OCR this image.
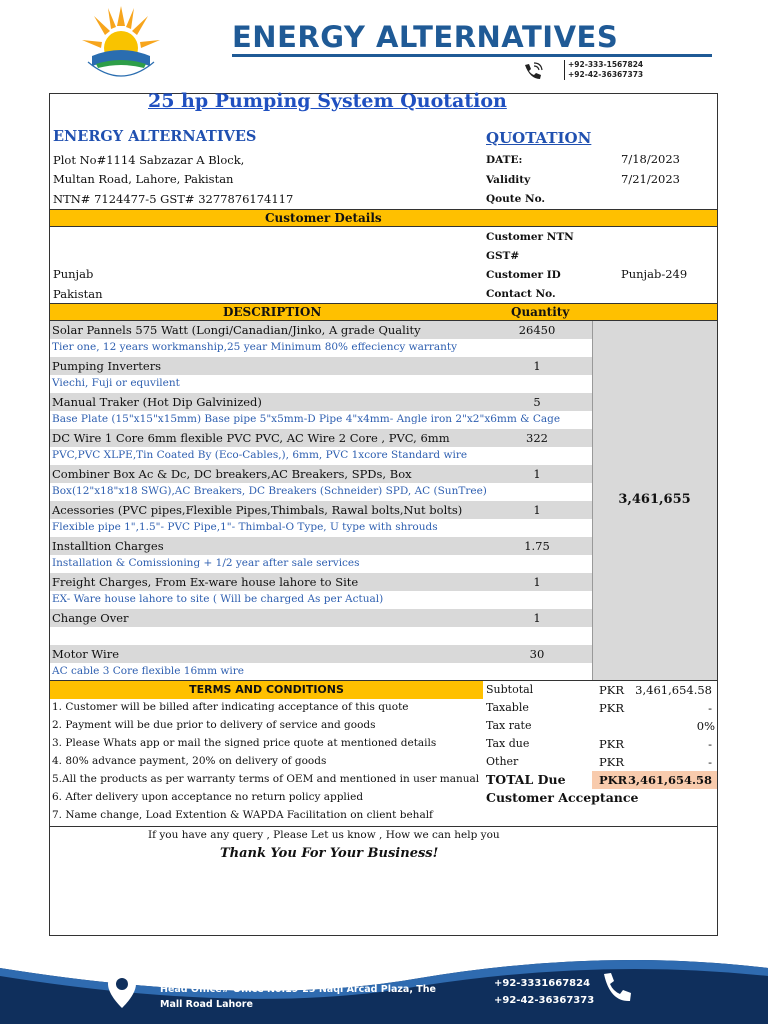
ENERGY ALTERNATIVES
+92-333-1567824
+92-42-36367373
25 hp Pumping System Quotation
ENERGY ALTERNATIVES
Plot No#1114 Sabzazar A Block,
Multan Road, Lahore, Pakistan
NTN# 7124477-5 GST# 3277876174117
QUOTATION
DATE:	7/18/2023
Validity	7/21/2023
Qoute No.
Customer Details
Customer NTN
GST#
Punjab	Customer ID	Punjab-249
Pakistan	Contact No.
DESCRIPTION	Quantity
Solar Pannels 575 Watt (Longi/Canadian/Jinko, A grade Quality	26450
Tier one, 12 years workmanship,25 year Minimum 80% effeciency warranty
Pumping Inverters	1
Viechi, Fuji or equvilent
Manual Traker (Hot Dip Galvinized)	5
Base Plate (15"x15"x15mm) Base pipe 5"x5mm-D Pipe 4"x4mm- Angle iron 2"x2"x6mm & Cage
DC Wire 1 Core 6mm flexible PVC PVC, AC Wire 2 Core , PVC, 6mm	322
PVC,PVC XLPE,Tin Coated By (Eco-Cables,), 6mm, PVC 1xcore Standard wire
Combiner Box Ac & Dc, DC breakers,AC Breakers, SPDs, Box	1
Box(12"x18"x18 SWG),AC Breakers, DC Breakers (Schneider) SPD, AC (SunTree)
Acessories (PVC pipes,Flexible Pipes,Thimbals, Rawal bolts,Nut bolts)	1
Flexible pipe 1",1.5"- PVC Pipe,1"- Thimbal-O Type, U type with shrouds
Installtion Charges	1.75
Installation & Comissioning + 1/2 year after sale services
Freight Charges, From Ex-ware house lahore to Site	1
EX- Ware house lahore to site ( Will be charged As per Actual)
Change Over	1
Motor Wire	30
AC cable 3 Core flexible 16mm wire
3,461,655
TERMS AND CONDITIONS
1. Customer will be billed after indicating acceptance of this quote
2. Payment will be due prior to delivery of service and goods
3. Please Whats app or mail the signed price quote at mentioned details
4. 80% advance payment, 20% on delivery of goods
5.All the products as per warranty terms of OEM and mentioned in user manual
6. After delivery upon acceptance no return policy applied
7. Name change, Load Extention & WAPDA Facilitation on client behalf
Subtotal	PKR 3,461,654.58
Taxable	PKR	-
Tax rate	0%
Tax due	PKR	-
Other	PKR	-
TOTAL Due	PKR 3,461,654.58
Customer Acceptance
If you have any query , Please Let us know , How we can help you
Thank You For Your Business!
Work Shop# Plot NO.1114 Sabzazar A Block Multan Road Lahore
Head Office# Office N0.19-23 Naqi Arcad Plaza, The Mall Road Lahore
+92-3331667824
+92-42-36367373
